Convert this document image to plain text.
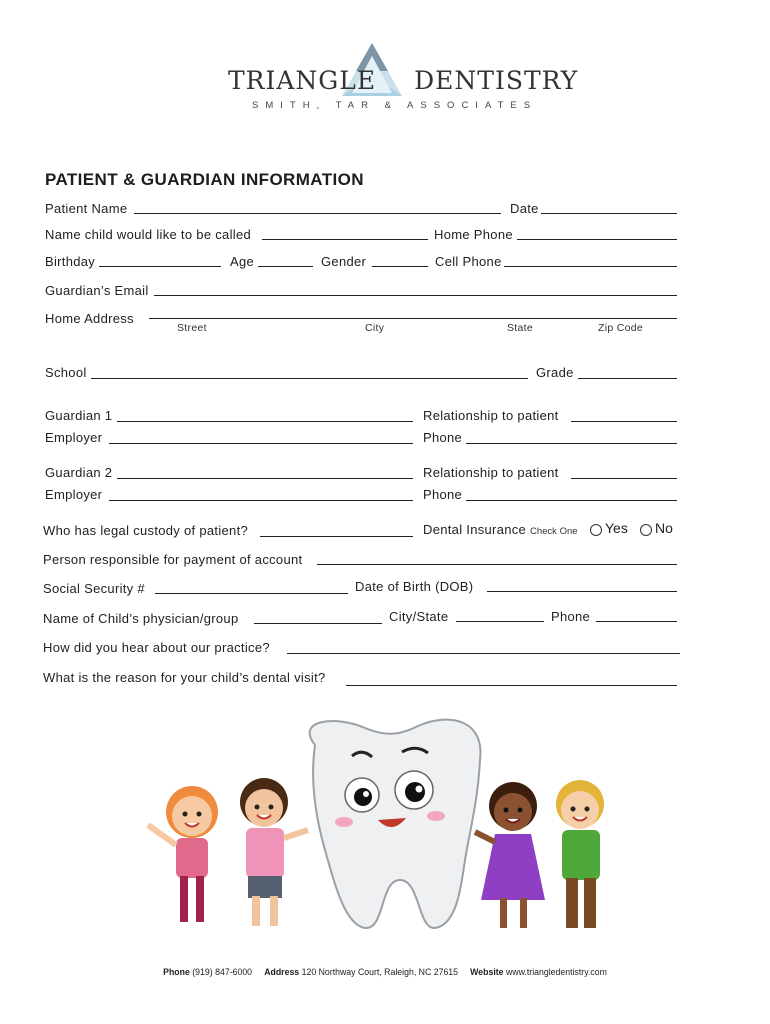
TRIANGLE DENTISTRY
SMITH, TAR & ASSOCIATES
PATIENT & GUARDIAN INFORMATION
Patient Name	Date
Name child would like to be called	Home Phone
Birthday	Age	Gender	Cell Phone
Guardian’s Email
Home Address
Street	City	State	Zip Code
School	Grade
Guardian 1	Relationship to patient
Employer	Phone
Guardian 2	Relationship to patient
Employer	Phone
Who has legal custody of patient?	Dental Insurance Check One Yes No
Person responsible for payment of account
Social Security #	Date of Birth (DOB)
Name of Child’s physician/group	City/State	Phone
How did you hear about our practice?
What is the reason for your child’s dental visit?
Phone (919) 847-6000 Address 120 Northway Court, Raleigh, NC 27615 Website www.triangledentistry.com
